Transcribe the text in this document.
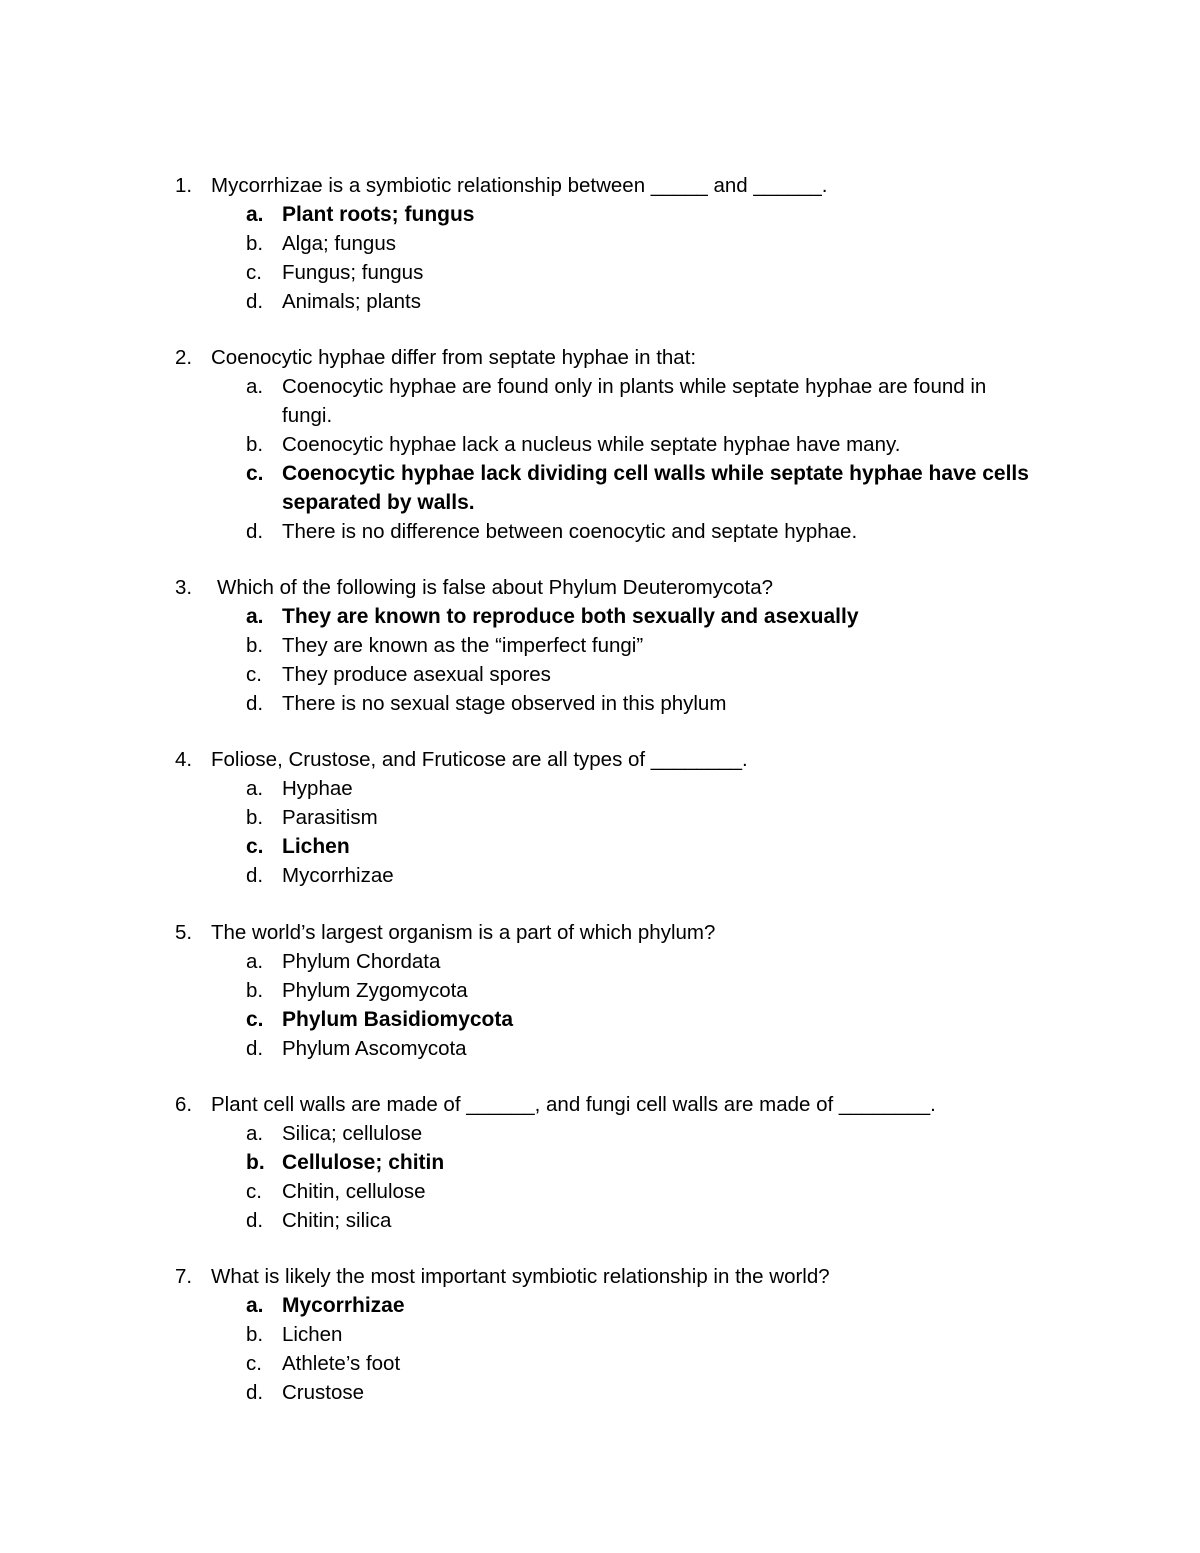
1. Mycorrhizae is a symbiotic relationship between _____ and ______.
a. Plant roots; fungus
b. Alga; fungus
c. Fungus; fungus
d. Animals; plants
2. Coenocytic hyphae differ from septate hyphae in that:
a. Coenocytic hyphae are found only in plants while septate hyphae are found in fungi.
b. Coenocytic hyphae lack a nucleus while septate hyphae have many.
c. Coenocytic hyphae lack dividing cell walls while septate hyphae have cells separated by walls.
d. There is no difference between coenocytic and septate hyphae.
3. Which of the following is false about Phylum Deuteromycota?
a. They are known to reproduce both sexually and asexually
b. They are known as the “imperfect fungi”
c. They produce asexual spores
d. There is no sexual stage observed in this phylum
4. Foliose, Crustose, and Fruticose are all types of ________.
a. Hyphae
b. Parasitism
c. Lichen
d. Mycorrhizae
5. The world’s largest organism is a part of which phylum?
a. Phylum Chordata
b. Phylum Zygomycota
c. Phylum Basidiomycota
d. Phylum Ascomycota
6. Plant cell walls are made of ______, and fungi cell walls are made of ________.
a. Silica; cellulose
b. Cellulose; chitin
c. Chitin, cellulose
d. Chitin; silica
7. What is likely the most important symbiotic relationship in the world?
a. Mycorrhizae
b. Lichen
c. Athlete’s foot
d. Crustose
